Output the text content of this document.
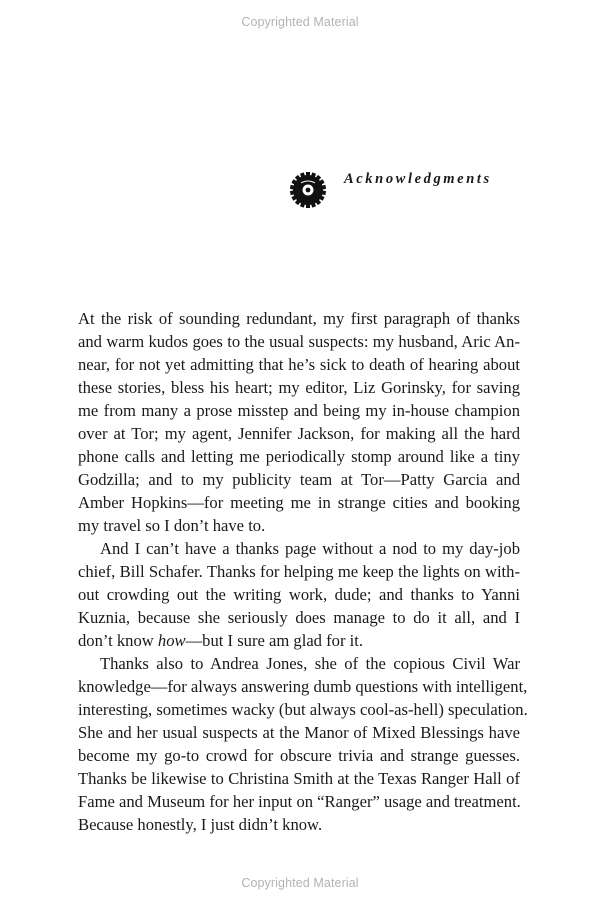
Copyrighted Material
Acknowledgments
At the risk of sounding redundant, my first paragraph of thanks
and warm kudos goes to the usual suspects: my husband, Aric An-
near, for not yet admitting that he’s sick to death of hearing about
these stories, bless his heart; my editor, Liz Gorinsky, for saving
me from many a prose misstep and being my in-house champion
over at Tor; my agent, Jennifer Jackson, for making all the hard
phone calls and letting me periodically stomp around like a tiny
Godzilla; and to my publicity team at Tor—Patty Garcia and
Amber Hopkins—for meeting me in strange cities and booking
my travel so I don’t have to.
And I can’t have a thanks page without a nod to my day-job
chief, Bill Schafer. Thanks for helping me keep the lights on with-
out crowding out the writing work, dude; and thanks to Yanni
Kuznia, because she seriously does manage to do it all, and I
don’t know how—but I sure am glad for it.
Thanks also to Andrea Jones, she of the copious Civil War
knowledge—for always answering dumb questions with intelligent,
interesting, sometimes wacky (but always cool-as-hell) speculation.
She and her usual suspects at the Manor of Mixed Blessings have
become my go-to crowd for obscure trivia and strange guesses.
Thanks be likewise to Christina Smith at the Texas Ranger Hall of
Fame and Museum for her input on “Ranger” usage and treatment.
Because honestly, I just didn’t know.
Copyrighted Material
